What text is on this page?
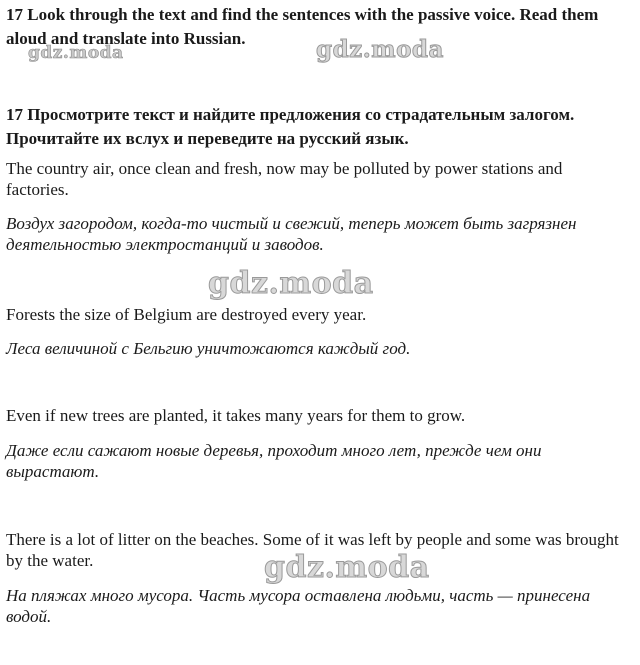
17 Look through the text and find the sentences with the passive voice. Read them aloud and translate into Russian.

17 Просмотрите текст и найдите предложения со страдательным залогом. Прочитайте их вслух и переведите на русский язык.

The country air, once clean and fresh, now may be polluted by power stations and factories.

Воздух загородом, когда-то чистый и свежий, теперь может быть загрязнен деятельностью электростанций и заводов.

Forests the size of Belgium are destroyed every year.

Леса величиной с Бельгию уничтожаются каждый год.

Even if new trees are planted, it takes many years for them to grow.

Даже если сажают новые деревья, проходит много лет, прежде чем они вырастают.

There is a lot of litter on the beaches. Some of it was left by people and some was brought by the water.

На пляжах много мусора. Часть мусора оставлена людьми, часть — принесена водой.

gdz.moda	gdz.moda
gdz.moda
gdz.moda
